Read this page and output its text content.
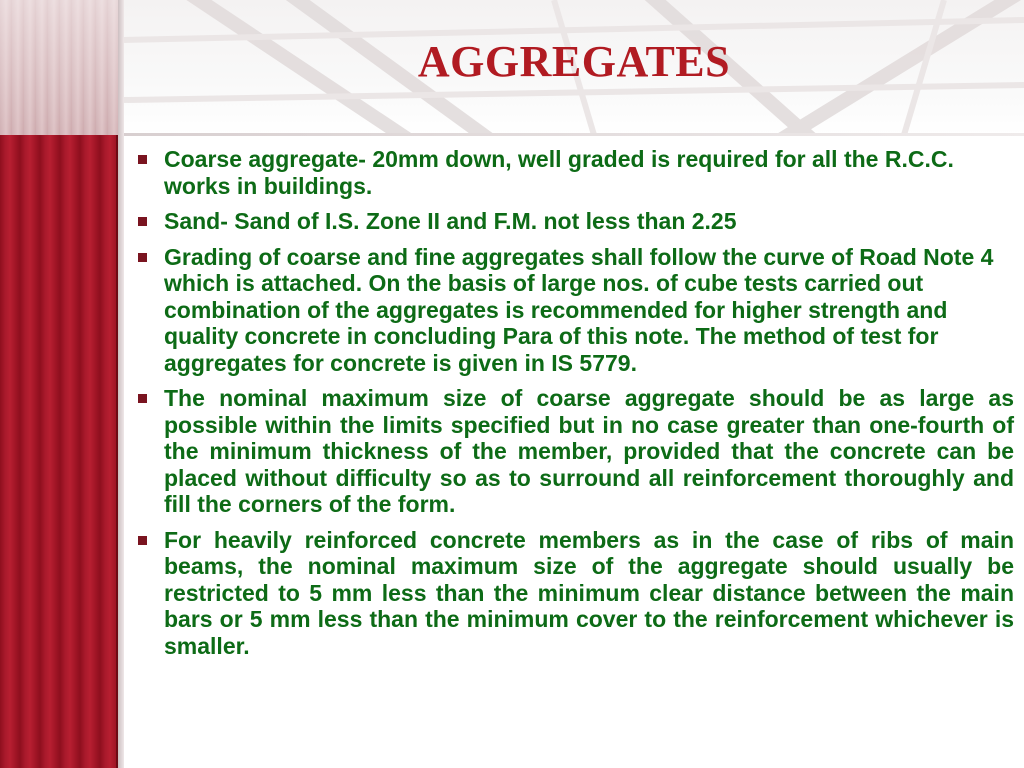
AGGREGATES
Coarse aggregate- 20mm down, well graded is required for all the R.C.C. works in buildings.
Sand- Sand of I.S. Zone II and F.M. not less than 2.25
Grading of coarse and fine aggregates shall follow the curve of Road Note 4 which is attached. On the basis of large nos. of cube tests carried out combination of the aggregates is recommended for higher strength and quality concrete in concluding Para of this note. The method of test for aggregates for concrete is given in IS 5779.
The nominal maximum size of coarse aggregate should be as large as possible within the limits specified but in no case greater than one-fourth of the minimum thickness of the member, provided that the concrete can be placed without difficulty so as to surround all reinforcement thoroughly and fill the corners of the form.
For heavily reinforced concrete members as in the case of ribs of main beams, the nominal maximum size of the aggregate should usually be restricted to 5 mm less than the minimum clear distance between the main bars or 5 mm less than the minimum cover to the reinforcement whichever is smaller.
